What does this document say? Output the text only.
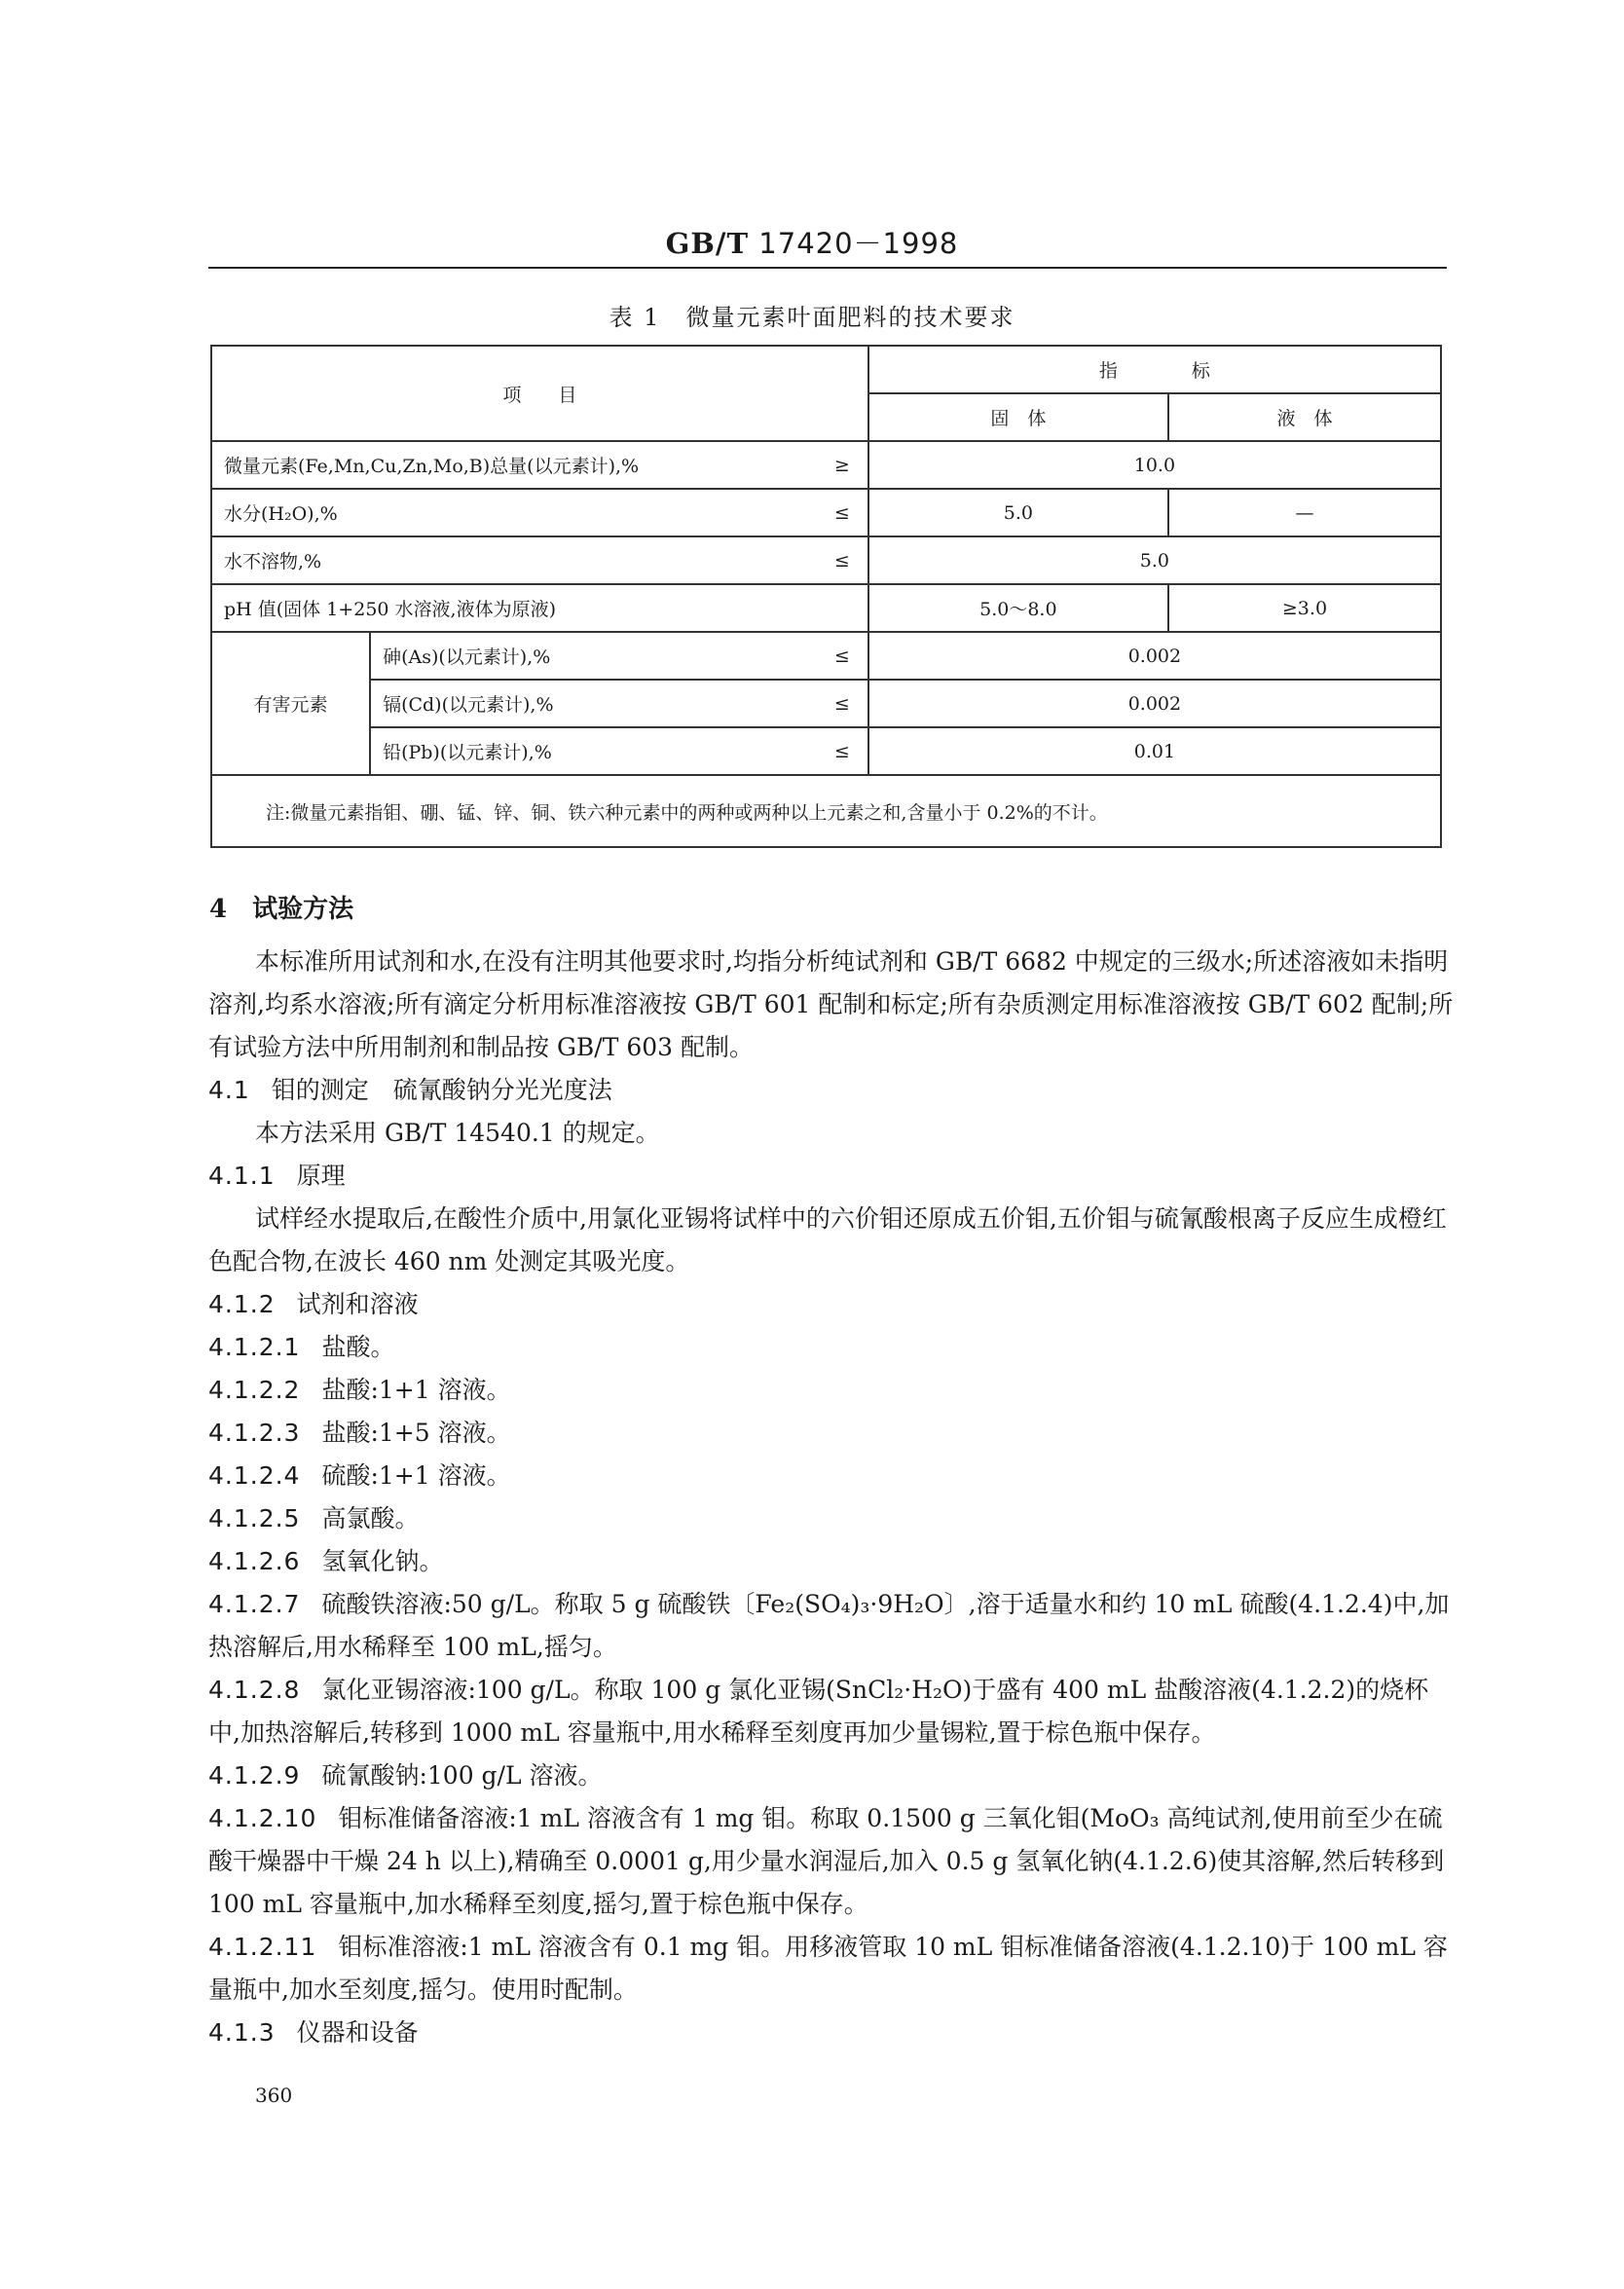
GB/T 17420－1998
表 1　微量元素叶面肥料的技术要求
项　　目			指　　　　标	
			固　体	液　体
微量元素(Fe,Mn,Cu,Zn,Mo,B)总量(以元素计),%		≥	10.0	
水分(H₂O),%		≤	5.0	—
水不溶物,%		≤	5.0	
pH 值(固体 1+250 水溶液,液体为原液)			5.0～8.0	≥3.0
有害元素	砷(As)(以元素计),%	≤	0.002	
	镉(Cd)(以元素计),%	≤	0.002	
	铅(Pb)(以元素计),%	≤	0.01	
注:微量元素指钼、硼、锰、锌、铜、铁六种元素中的两种或两种以上元素之和,含量小于 0.2%的不计。				
4　试验方法

本标准所用试剂和水,在没有注明其他要求时,均指分析纯试剂和 GB/T 6682 中规定的三级水;所述溶液如未指明溶剂,均系水溶液;所有滴定分析用标准溶液按 GB/T 601 配制和标定;所有杂质测定用标准溶液按 GB/T 602 配制;所有试验方法中所用制剂和制品按 GB/T 603 配制。

4.1 钼的测定　硫氰酸钠分光光度法

本方法采用 GB/T 14540.1 的规定。

4.1.1 原理

试样经水提取后,在酸性介质中,用氯化亚锡将试样中的六价钼还原成五价钼,五价钼与硫氰酸根离子反应生成橙红色配合物,在波长 460 nm 处测定其吸光度。

4.1.2 试剂和溶液

4.1.2.1 盐酸。

4.1.2.2 盐酸:1+1 溶液。

4.1.2.3 盐酸:1+5 溶液。

4.1.2.4 硫酸:1+1 溶液。

4.1.2.5 高氯酸。

4.1.2.6 氢氧化钠。

4.1.2.7 硫酸铁溶液:50 g/L。称取 5 g 硫酸铁〔Fe₂(SO₄)₃·9H₂O〕,溶于适量水和约 10 mL 硫酸(4.1.2.4)中,加热溶解后,用水稀释至 100 mL,摇匀。

4.1.2.8 氯化亚锡溶液:100 g/L。称取 100 g 氯化亚锡(SnCl₂·H₂O)于盛有 400 mL 盐酸溶液(4.1.2.2)的烧杯中,加热溶解后,转移到 1000 mL 容量瓶中,用水稀释至刻度再加少量锡粒,置于棕色瓶中保存。

4.1.2.9 硫氰酸钠:100 g/L 溶液。

4.1.2.10 钼标准储备溶液:1 mL 溶液含有 1 mg 钼。称取 0.1500 g 三氧化钼(MoO₃ 高纯试剂,使用前至少在硫酸干燥器中干燥 24 h 以上),精确至 0.0001 g,用少量水润湿后,加入 0.5 g 氢氧化钠(4.1.2.6)使其溶解,然后转移到 100 mL 容量瓶中,加水稀释至刻度,摇匀,置于棕色瓶中保存。

4.1.2.11 钼标准溶液:1 mL 溶液含有 0.1 mg 钼。用移液管取 10 mL 钼标准储备溶液(4.1.2.10)于 100 mL 容量瓶中,加水至刻度,摇匀。使用时配制。

4.1.3 仪器和设备

360
